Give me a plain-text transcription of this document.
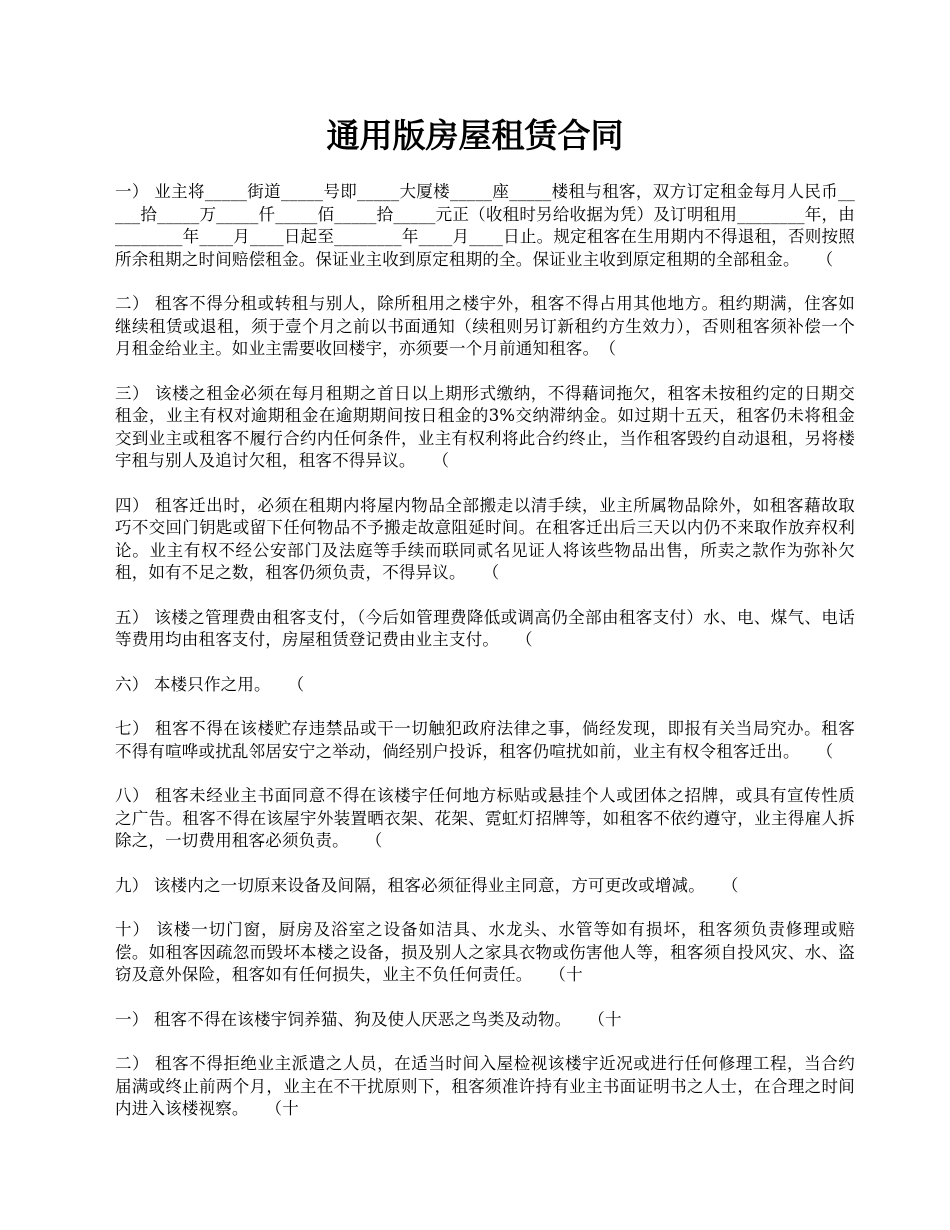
通用版房屋租赁合同

一） 业主将_____街道_____号即_____大厦楼_____座_____楼租与租客，双方订定租金每月人民币_____拾_____万_____仟_____佰_____拾_____元正（收租时另给收据为凭）及订明租用________年，由________年____月____日起至________年____月____日止。规定租客在生用期内不得退租，否则按照所余租期之时间赔偿租金。保证业主收到原定租期的全。保证业主收到原定租期的全部租金。　　（

二） 租客不得分租或转租与别人，除所租用之楼宇外，租客不得占用其他地方。租约期满，住客如继续租赁或退租，须于壹个月之前以书面通知（续租则另订新租约方生效力），否则租客须补偿一个月租金给业主。如业主需要收回楼宇，亦须要一个月前通知租客。　（

三） 该楼之租金必须在每月租期之首日以上期形式缴纳，不得藉词拖欠，租客未按租约定的日期交租金，业主有权对逾期租金在逾期期间按日租金的3%交纳滞纳金。如过期十五天，租客仍未将租金交到业主或租客不履行合约内任何条件，业主有权利将此合约终止，当作租客毁约自动退租，另将楼宇租与别人及追讨欠租，租客不得异议。　　（

四） 租客迁出时，必须在租期内将屋内物品全部搬走以清手续，业主所属物品除外，如租客藉故取巧不交回门钥匙或留下任何物品不予搬走故意阻延时间。在租客迁出后三天以内仍不来取作放弃权利论。业主有权不经公安部门及法庭等手续而联同贰名见证人将该些物品出售，所卖之款作为弥补欠租，如有不足之数，租客仍须负责，不得异议。　　（

五） 该楼之管理费由租客支付，（今后如管理费降低或调高仍全部由租客支付）水、电、煤气、电话等费用均由租客支付，房屋租赁登记费由业主支付。　　（

六） 本楼只作之用。　　（

七） 租客不得在该楼贮存违禁品或干一切触犯政府法律之事，倘经发现，即报有关当局究办。租客不得有喧哗或扰乱邻居安宁之举动，倘经别户投诉，租客仍喧扰如前，业主有权令租客迁出。　　（

八） 租客未经业主书面同意不得在该楼宇任何地方标贴或悬挂个人或团体之招牌，或具有宣传性质之广告。租客不得在该屋宇外装置晒衣架、花架、霓虹灯招牌等，如租客不依约遵守，业主得雇人拆除之，一切费用租客必须负责。　　（

九） 该楼内之一切原来设备及间隔，租客必须征得业主同意，方可更改或增减。　　（

十） 该楼一切门窗，厨房及浴室之设备如洁具、水龙头、水管等如有损坏，租客须负责修理或赔偿。如租客因疏忽而毁坏本楼之设备，损及别人之家具衣物或伤害他人等，租客须自投风灾、水、盗窃及意外保险，租客如有任何损失，业主不负任何责任。　　（十

一） 租客不得在该楼宇饲养猫、狗及使人厌恶之鸟类及动物。　　（十

二） 租客不得拒绝业主派遣之人员，在适当时间入屋检视该楼宇近况或进行任何修理工程，当合约届满或终止前两个月，业主在不干扰原则下，租客须准许持有业主书面证明书之人士，在合理之时间内进入该楼视察。　　（十
